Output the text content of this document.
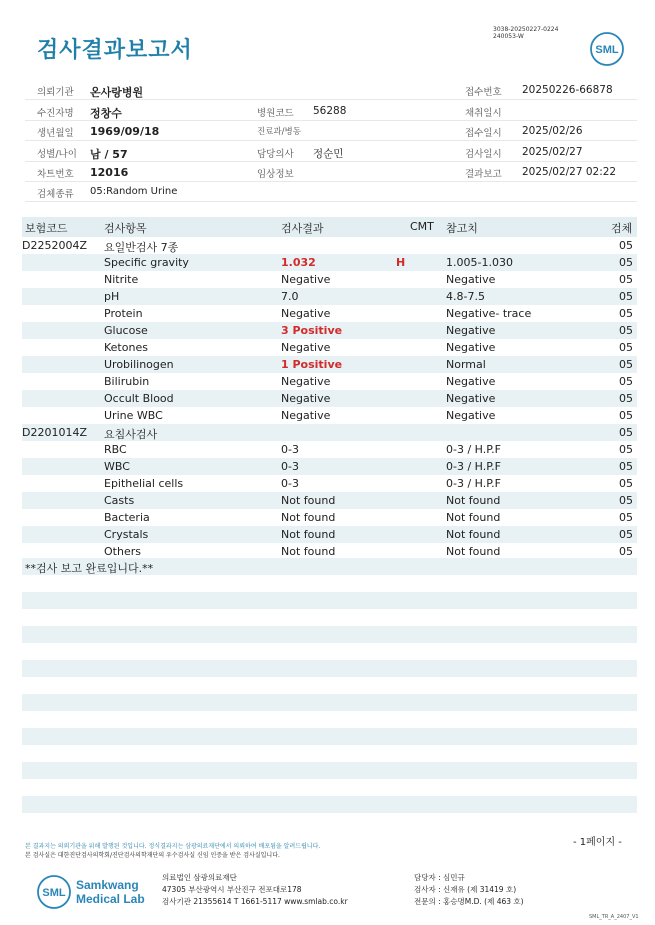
검사결과보고서
3038-20250227-0224
240053-W
SML
의뢰기관 온사랑병원	접수번호 20250226-66878
수진자명 정창수	병원코드 56288	채취일시
생년월일 1969/09/18	진료과/병동	접수일시 2025/02/26
성별/나이 남 / 57	담당의사 정순민	검사일시 2025/02/27
차트번호 12016	임상정보	결과보고 2025/02/27 02:22
검체종류 05:Random Urine
보험코드	검사항목	검사결과	CMT 참고치	검체
D2252004Z 요일반검사 7종	05
Specific gravity	1.032	H	1.005-1.030	05
Nitrite	Negative	Negative	05
pH	7.0	4.8-7.5	05
Protein	Negative	Negative- trace	05
Glucose	3 Positive	Negative	05
Ketones	Negative	Negative	05
Urobilinogen	1 Positive	Normal	05
Bilirubin	Negative	Negative	05
Occult Blood	Negative	Negative	05
Urine WBC	Negative	Negative	05
D2201014Z 요침사검사	05
RBC	0-3	0-3 / H.P.F	05
WBC	0-3	0-3 / H.P.F	05
Epithelial cells	0-3	0-3 / H.P.F	05
Casts	Not found	Not found	05
Bacteria	Not found	Not found	05
Crystals	Not found	Not found	05
Others	Not found	Not found	05
**검사 보고 완료입니다.**
- 1페이지 -
본 결과지는 의뢰기관을 위해 발행된 것입니다. 정식결과지는 삼광의료재단에서 의뢰하여 배포됨을 알려드립니다.
본 검사실은 대한진단검사의학회/진단검사의학재단의 우수검사실 신임 인증을 받은 검사실입니다.
SML
Samkwang
Medical Lab
의료법인 삼광의료재단
47305 부산광역시 부산진구 전포대로178
검사기관 21355614 T 1661-5117 www.smlab.co.kr
담당자 : 심민규
검사자 : 신재유 (제 31419 호)
전문의 : 홍승명M.D. (제 463 호)
SML_TR_A_2407_V1
